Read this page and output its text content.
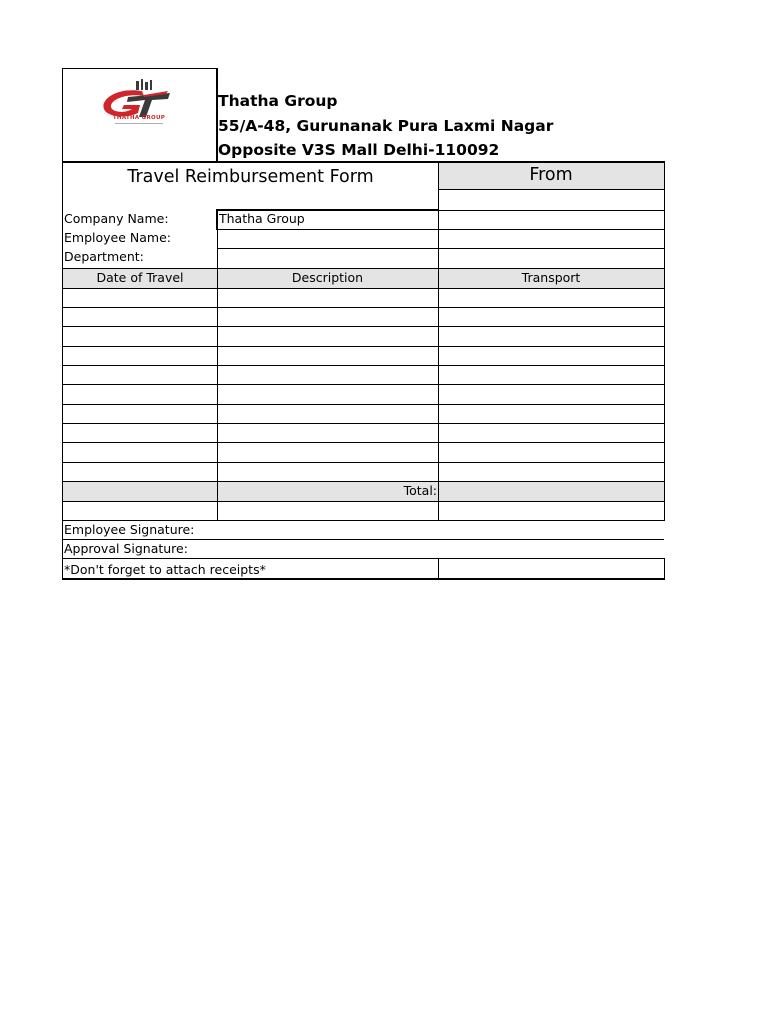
THATHA GROUP
Thatha Group
55/A-48, Gurunanak Pura Laxmi Nagar
Opposite V3S Mall Delhi-110092
Travel Reimbursement Form	From
Company Name:	Thatha Group
Employee Name:
Department:
Date of Travel	Description	Transport
Total:
Employee Signature:
Approval Signature:
*Don't forget to attach receipts*
